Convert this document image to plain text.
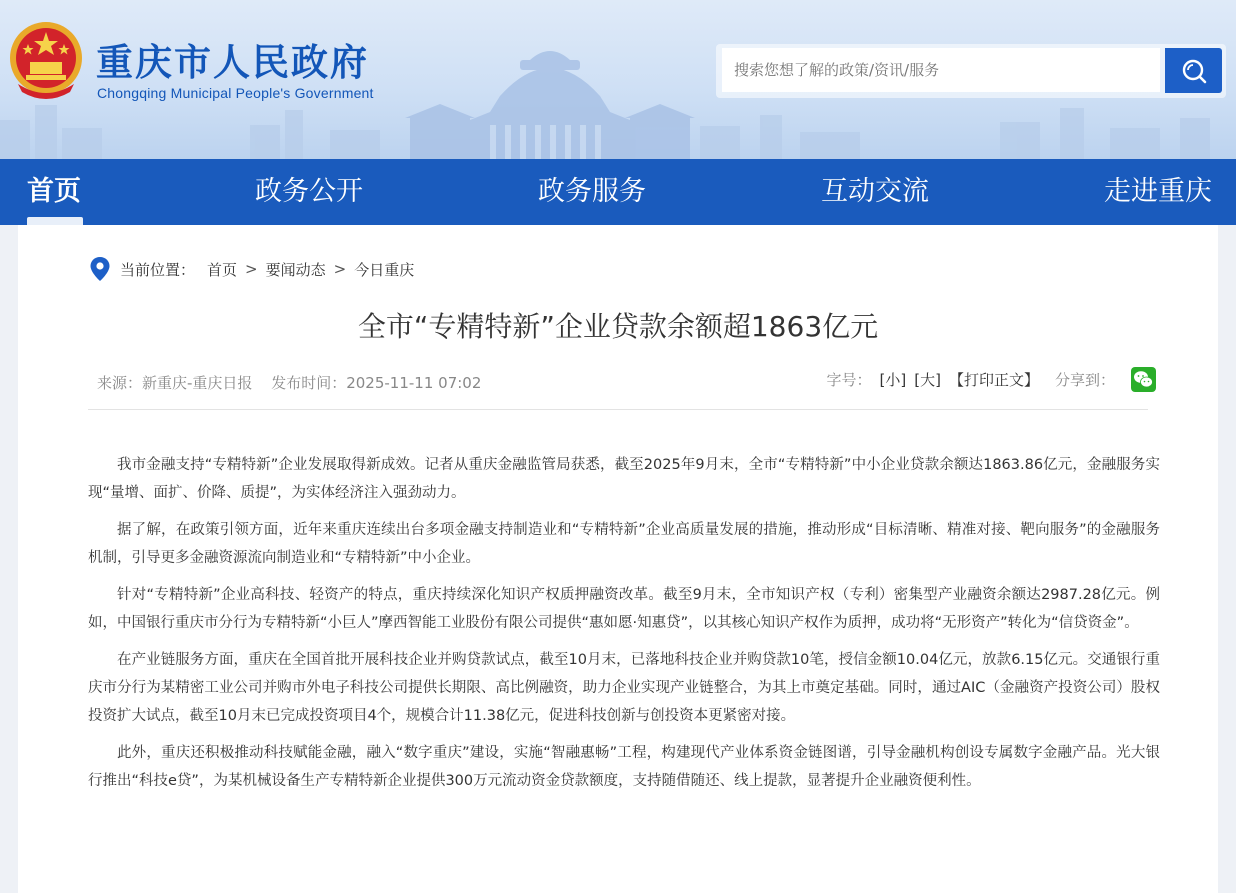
重庆市人民政府
Chongqing Municipal People's Government
搜索您想了解的政策/资讯/服务
首页	政务公开	政务服务	互动交流	走进重庆
当前位置： 首页 > 要闻动态 > 今日重庆
全市“专精特新”企业贷款余额超1863亿元
来源：新重庆-重庆日报 发布时间：2025-11-11 07:02	字号： [小] [大] 【打印正文】 分享到：

我市金融支持“专精特新”企业发展取得新成效。记者从重庆金融监管局获悉，截至2025年9月末，全市“专精特新”中小企业贷款余额达1863.86亿元，金融服务实现“量增、面扩、价降、质提”，为实体经济注入强劲动力。

据了解，在政策引领方面，近年来重庆连续出台多项金融支持制造业和“专精特新”企业高质量发展的措施，推动形成“目标清晰、精准对接、靶向服务”的金融服务机制，引导更多金融资源流向制造业和“专精特新”中小企业。

针对“专精特新”企业高科技、轻资产的特点，重庆持续深化知识产权质押融资改革。截至9月末，全市知识产权（专利）密集型产业融资余额达2987.28亿元。例如，中国银行重庆市分行为专精特新“小巨人”摩西智能工业股份有限公司提供“惠如愿·知惠贷”，以其核心知识产权作为质押，成功将“无形资产”转化为“信贷资金”。

在产业链服务方面，重庆在全国首批开展科技企业并购贷款试点，截至10月末，已落地科技企业并购贷款10笔，授信金额10.04亿元，放款6.15亿元。交通银行重庆市分行为某精密工业公司并购市外电子科技公司提供长期限、高比例融资，助力企业实现产业链整合，为其上市奠定基础。同时，通过AIC（金融资产投资公司）股权投资扩大试点，截至10月末已完成投资项目4个，规模合计11.38亿元，促进科技创新与创投资本更紧密对接。

此外，重庆还积极推动科技赋能金融，融入“数字重庆”建设，实施“智融惠畅”工程，构建现代产业体系资金链图谱，引导金融机构创设专属数字金融产品。光大银行推出“科技e贷”，为某机械设备生产专精特新企业提供300万元流动资金贷款额度，支持随借随还、线上提款，显著提升企业融资便利性。
